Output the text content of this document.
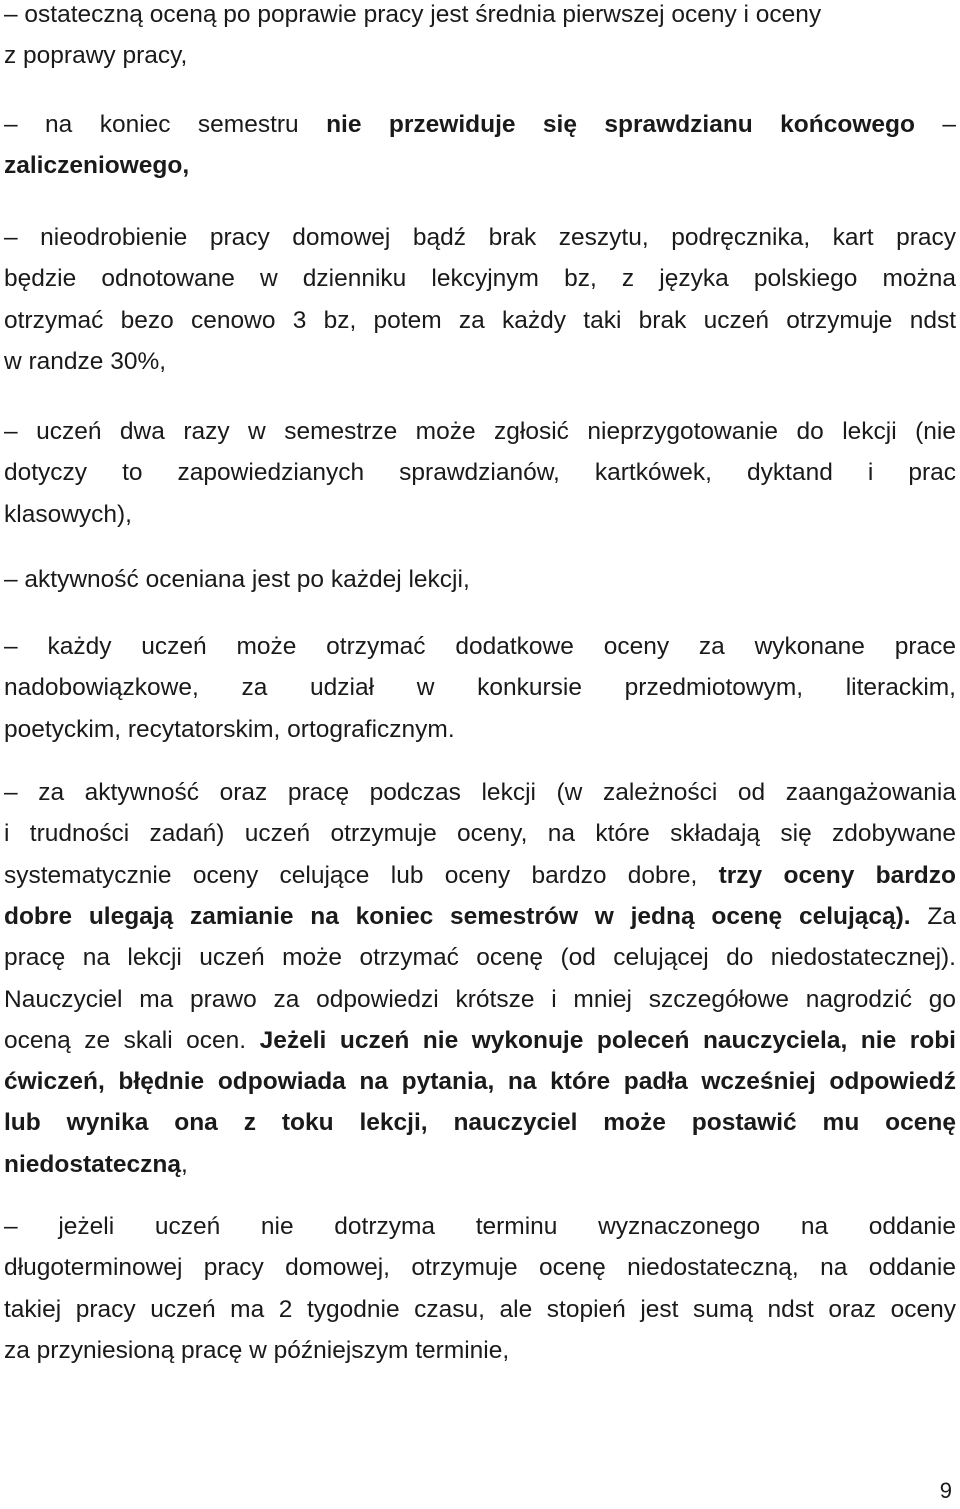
– ostateczną oceną po poprawie pracy jest średnia pierwszej oceny i oceny
z poprawy pracy,
– na koniec semestru nie przewiduje się sprawdzianu końcowego –
zaliczeniowego,
– nieodrobienie pracy domowej bądź brak zeszytu, podręcznika, kart pracy
będzie odnotowane w dzienniku lekcyjnym bz, z języka polskiego można
otrzymać bezo cenowo 3 bz, potem za każdy taki brak uczeń otrzymuje ndst
w randze 30%,
– uczeń dwa razy w semestrze może zgłosić nieprzygotowanie do lekcji (nie
dotyczy to zapowiedzianych sprawdzianów, kartkówek, dyktand i prac
klasowych),
– aktywność oceniana jest po każdej lekcji,
– każdy uczeń może otrzymać dodatkowe oceny za wykonane prace
nadobowiązkowe, za udział w konkursie przedmiotowym, literackim,
poetyckim, recytatorskim, ortograficznym.
– za aktywność oraz pracę podczas lekcji (w zależności od zaangażowania
i trudności zadań) uczeń otrzymuje oceny, na które składają się zdobywane
systematycznie oceny celujące lub oceny bardzo dobre, trzy oceny bardzo
dobre ulegają zamianie na koniec semestrów w jedną ocenę celującą). Za
pracę na lekcji uczeń może otrzymać ocenę (od celującej do niedostatecznej).
Nauczyciel ma prawo za odpowiedzi krótsze i mniej szczegółowe nagrodzić go
oceną ze skali ocen. Jeżeli uczeń nie wykonuje poleceń nauczyciela, nie robi
ćwiczeń, błędnie odpowiada na pytania, na które padła wcześniej odpowiedź
lub wynika ona z toku lekcji, nauczyciel może postawić mu ocenę
niedostateczną,
– jeżeli uczeń nie dotrzyma terminu wyznaczonego na oddanie
długoterminowej pracy domowej, otrzymuje ocenę niedostateczną, na oddanie
takiej pracy uczeń ma 2 tygodnie czasu, ale stopień jest sumą ndst oraz oceny
za przyniesioną pracę w późniejszym terminie,
9
